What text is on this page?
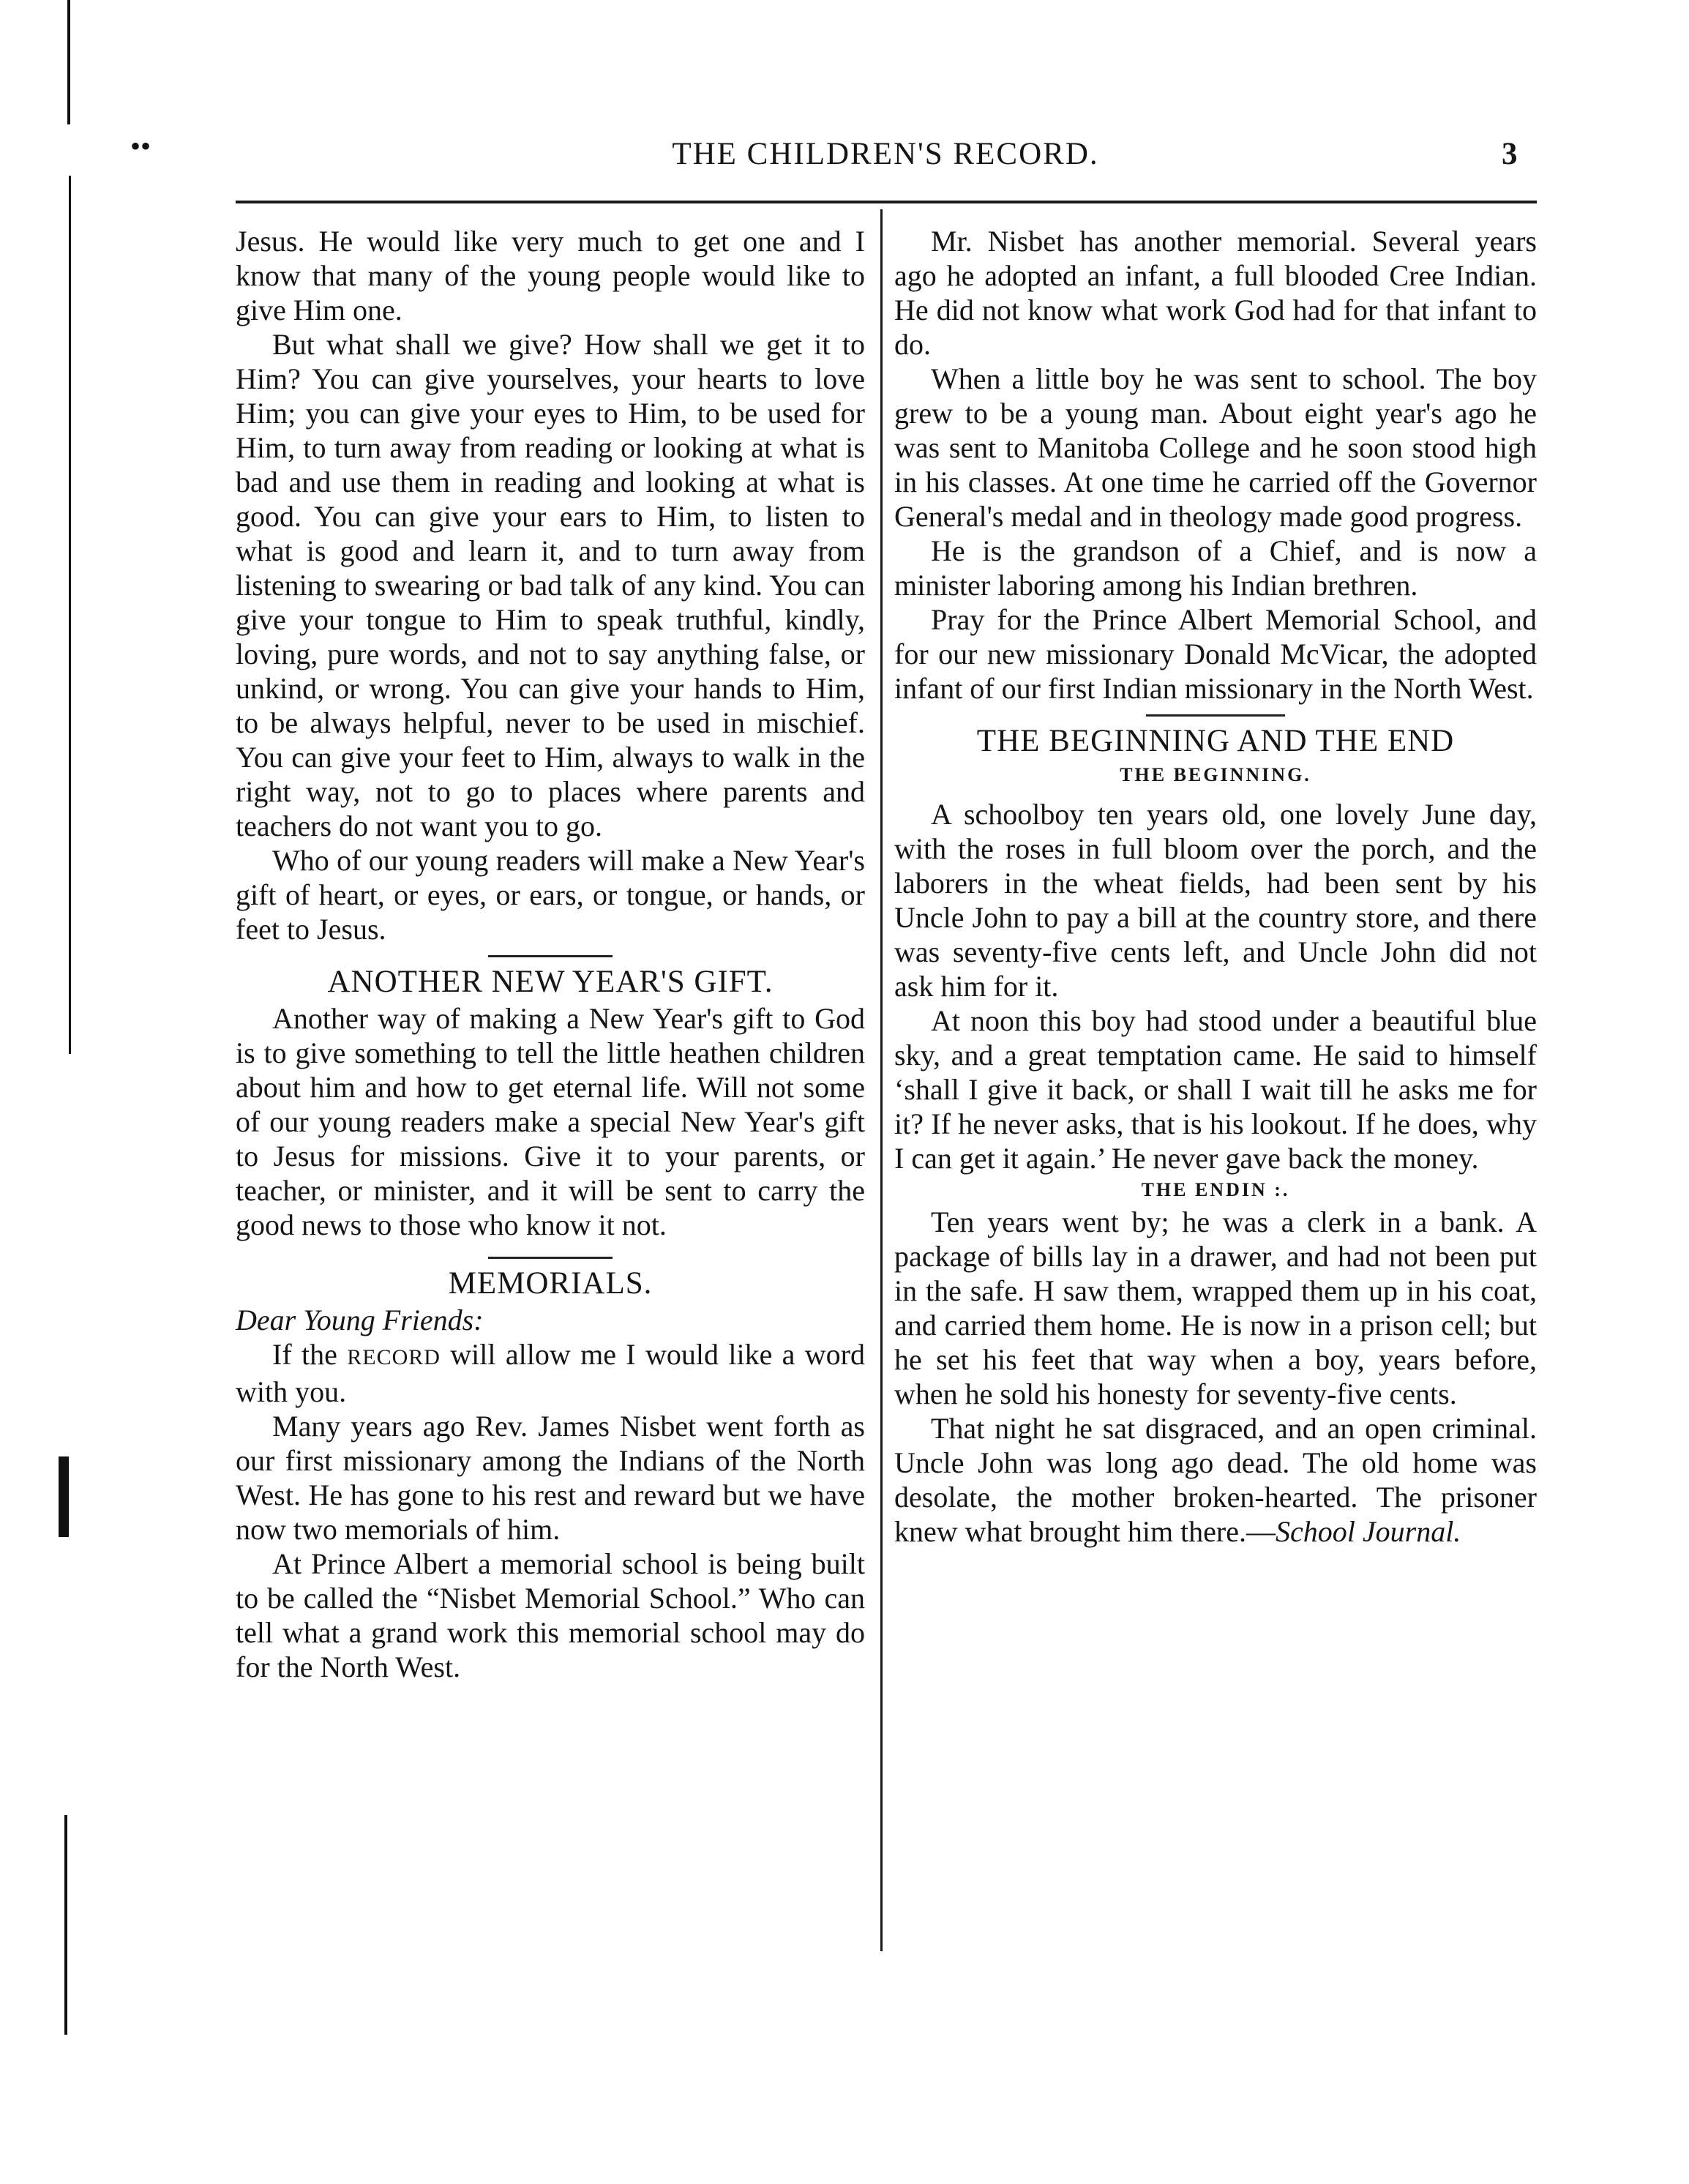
••	THE CHILDREN'S RECORD.	3

Jesus. He would like very much to get one and I know that many of the young people would like to give Him one.

But what shall we give? How shall we get it to Him? You can give yourselves, your hearts to love Him; you can give your eyes to Him, to be used for Him, to turn away from reading or looking at what is bad and use them in reading and looking at what is good. You can give your ears to Him, to listen to what is good and learn it, and to turn away from listening to swearing or bad talk of any kind. You can give your tongue to Him to speak truthful, kindly, loving, pure words, and not to say anything false, or unkind, or wrong. You can give your hands to Him, to be always helpful, never to be used in mischief. You can give your feet to Him, always to walk in the right way, not to go to places where parents and teachers do not want you to go.

Who of our young readers will make a New Year's gift of heart, or eyes, or ears, or tongue, or hands, or feet to Jesus.

ANOTHER NEW YEAR'S GIFT.

Another way of making a New Year's gift to God is to give something to tell the little heathen children about him and how to get eternal life. Will not some of our young readers make a special New Year's gift to Jesus for missions. Give it to your parents, or teacher, or minister, and it will be sent to carry the good news to those who know it not.

MEMORIALS.

Dear Young Friends:

If the RECORD will allow me I would like a word with you.

Many years ago Rev. James Nisbet went forth as our first missionary among the Indians of the North West. He has gone to his rest and reward but we have now two memorials of him.

At Prince Albert a memorial school is being built to be called the “Nisbet Memorial School.” Who can tell what a grand work this memorial school may do for the North West.

Mr. Nisbet has another memorial. Several years ago he adopted an infant, a full blooded Cree Indian. He did not know what work God had for that infant to do.

When a little boy he was sent to school. The boy grew to be a young man. About eight year's ago he was sent to Manitoba College and he soon stood high in his classes. At one time he carried off the Governor General's medal and in theology made good progress.

He is the grandson of a Chief, and is now a minister laboring among his Indian brethren.

Pray for the Prince Albert Memorial School, and for our new missionary Donald McVicar, the adopted infant of our first Indian missionary in the North West.

THE BEGINNING AND THE END
THE BEGINNING.

A schoolboy ten years old, one lovely June day, with the roses in full bloom over the porch, and the laborers in the wheat fields, had been sent by his Uncle John to pay a bill at the country store, and there was seventy-five cents left, and Uncle John did not ask him for it.

At noon this boy had stood under a beautiful blue sky, and a great temptation came. He said to himself ‘shall I give it back, or shall I wait till he asks me for it? If he never asks, that is his lookout. If he does, why I can get it again.’ He never gave back the money.

THE ENDIN :.

Ten years went by; he was a clerk in a bank. A package of bills lay in a drawer, and had not been put in the safe. H saw them, wrapped them up in his coat, and carried them home. He is now in a prison cell; but he set his feet that way when a boy, years before, when he sold his honesty for seventy-five cents.

That night he sat disgraced, and an open criminal. Uncle John was long ago dead. The old home was desolate, the mother broken-hearted. The prisoner knew what brought him there.—School Journal.
